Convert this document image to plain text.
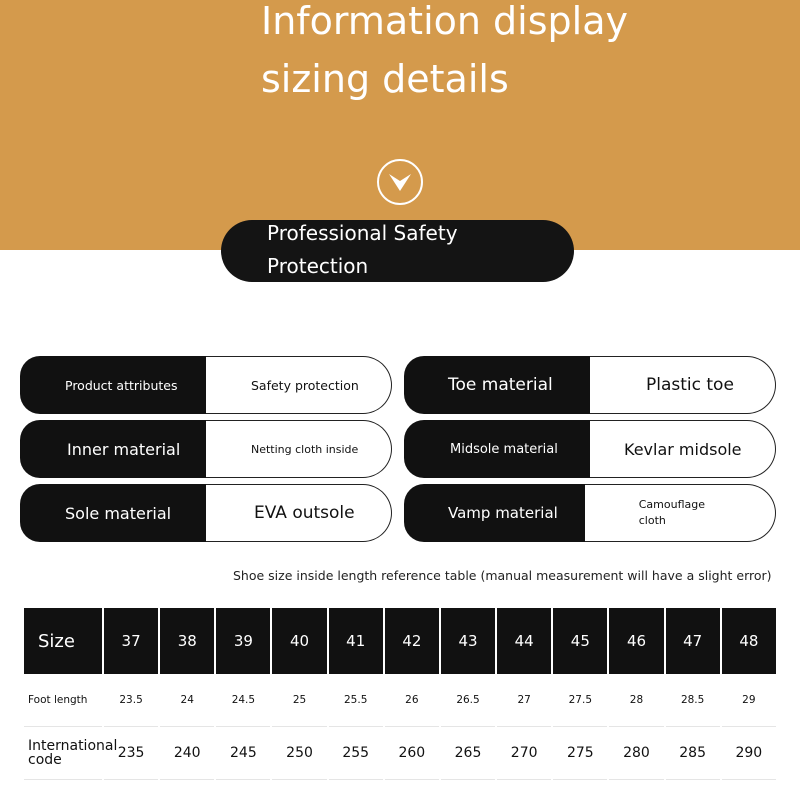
Information display sizing details
Professional Safety Protection
Product attributes	Safety protection	Toe material	Plastic toe
Inner material	Netting cloth inside	Midsole material	Kevlar midsole
Sole material	EVA outsole	Vamp material	Camouflage cloth
Shoe size inside length reference table (manual measurement will have a slight error)
Size	37	38	39	40	41	42	43	44	45	46	47	48
Foot length	23.5	24	24.5	25	25.5	26	26.5	27	27.5	28	28.5	29
International code	235	240	245	250	255	260	265	270	275	280	285	290
